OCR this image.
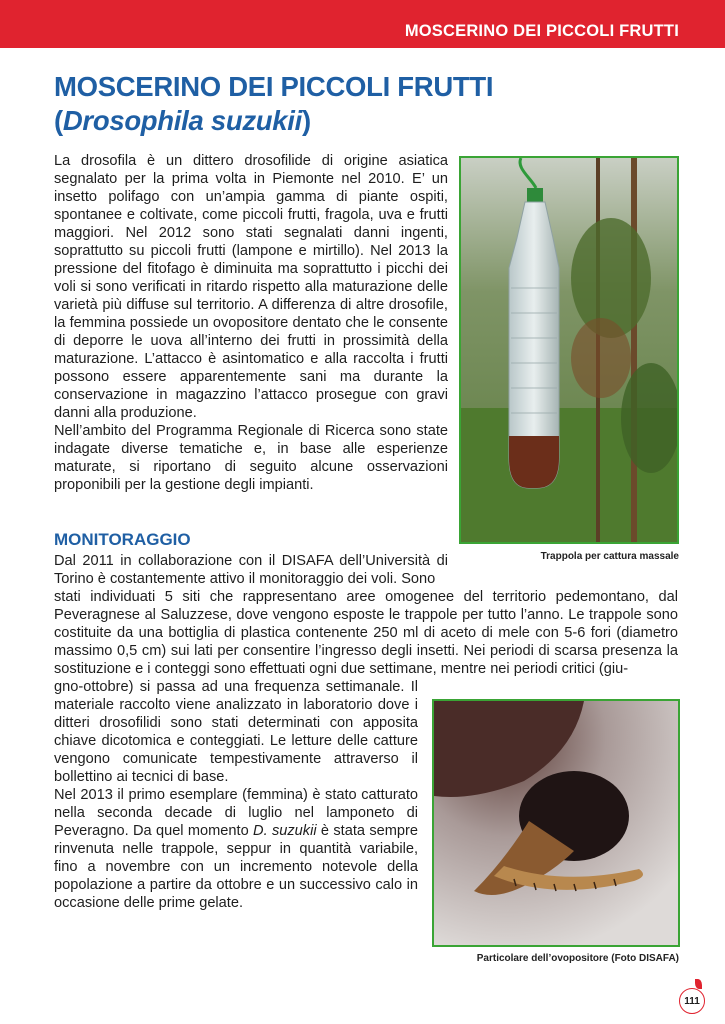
MOSCERINO DEI PICCOLI FRUTTI
MOSCERINO DEI PICCOLI FRUTTI
(Drosophila suzukii)

La drosofila è un dittero drosofilide di origine asiatica segnalato per la prima volta in Piemonte nel 2010. E’ un insetto polifago con un’ampia gamma di piante ospiti, spontanee e coltivate, come piccoli frutti, fragola, uva e frutti maggiori. Nel 2012 sono stati segnalati danni ingenti, soprattutto su piccoli frutti (lampone e mirtillo). Nel 2013 la pressione del fitofago è diminuita ma soprattutto i picchi dei voli si sono verificati in ritardo rispetto alla maturazione delle varietà più diffuse sul territorio. A differenza di altre drosofile, la femmina possiede un ovopositore dentato che le consente di deporre le uova all’interno dei frutti in prossimità della maturazione. L’attacco è asintomatico e alla raccolta i frutti possono essere apparentemente sani ma durante la conservazione in magazzino l’attacco prosegue con gravi danni alla produzione.
Nell’ambito del Programma Regionale di Ricerca sono state indagate diverse tematiche e, in base alle esperienze maturate, si riportano di seguito alcune osservazioni proponibili per la gestione degli impianti.

Trappola per cattura massale
MONITORAGGIO

Dal 2011 in collaborazione con il DISAFA dell’Università di Torino è costantemente attivo il monitoraggio dei voli. Sono

stati individuati 5 siti che rappresentano aree omogenee del territorio pedemontano, dal Peveragnese al Saluzzese, dove vengono esposte le trappole per tutto l’anno. Le trappole sono costituite da una bottiglia di plastica contenente 250 ml di aceto di mele con 5-6 fori (diametro massimo 0,5 cm) sui lati per consentire l’ingresso degli insetti. Nei periodi di scarsa presenza la sostituzione e i conteggi sono effettuati ogni due settimane, mentre nei periodi critici (giu-

gno-ottobre) si passa ad una frequenza settimanale. Il materiale raccolto viene analizzato in laboratorio dove i ditteri drosofilidi sono stati determinati con apposita chiave dicotomica e conteggiati. Le letture delle catture vengono comunicate tempestivamente attraverso il bollettino ai tecnici di base.
Nel 2013 il primo esemplare (femmina) è stato catturato nella seconda decade di luglio nel lamponeto di Peveragno. Da quel momento D. suzukii è stata sempre rinvenuta nelle trappole, seppur in quantità variabile, fino a novembre con un incremento notevole della popolazione a partire da ottobre e un successivo calo in occasione delle prime gelate.

Particolare dell’ovopositore (Foto DISAFA)
111
